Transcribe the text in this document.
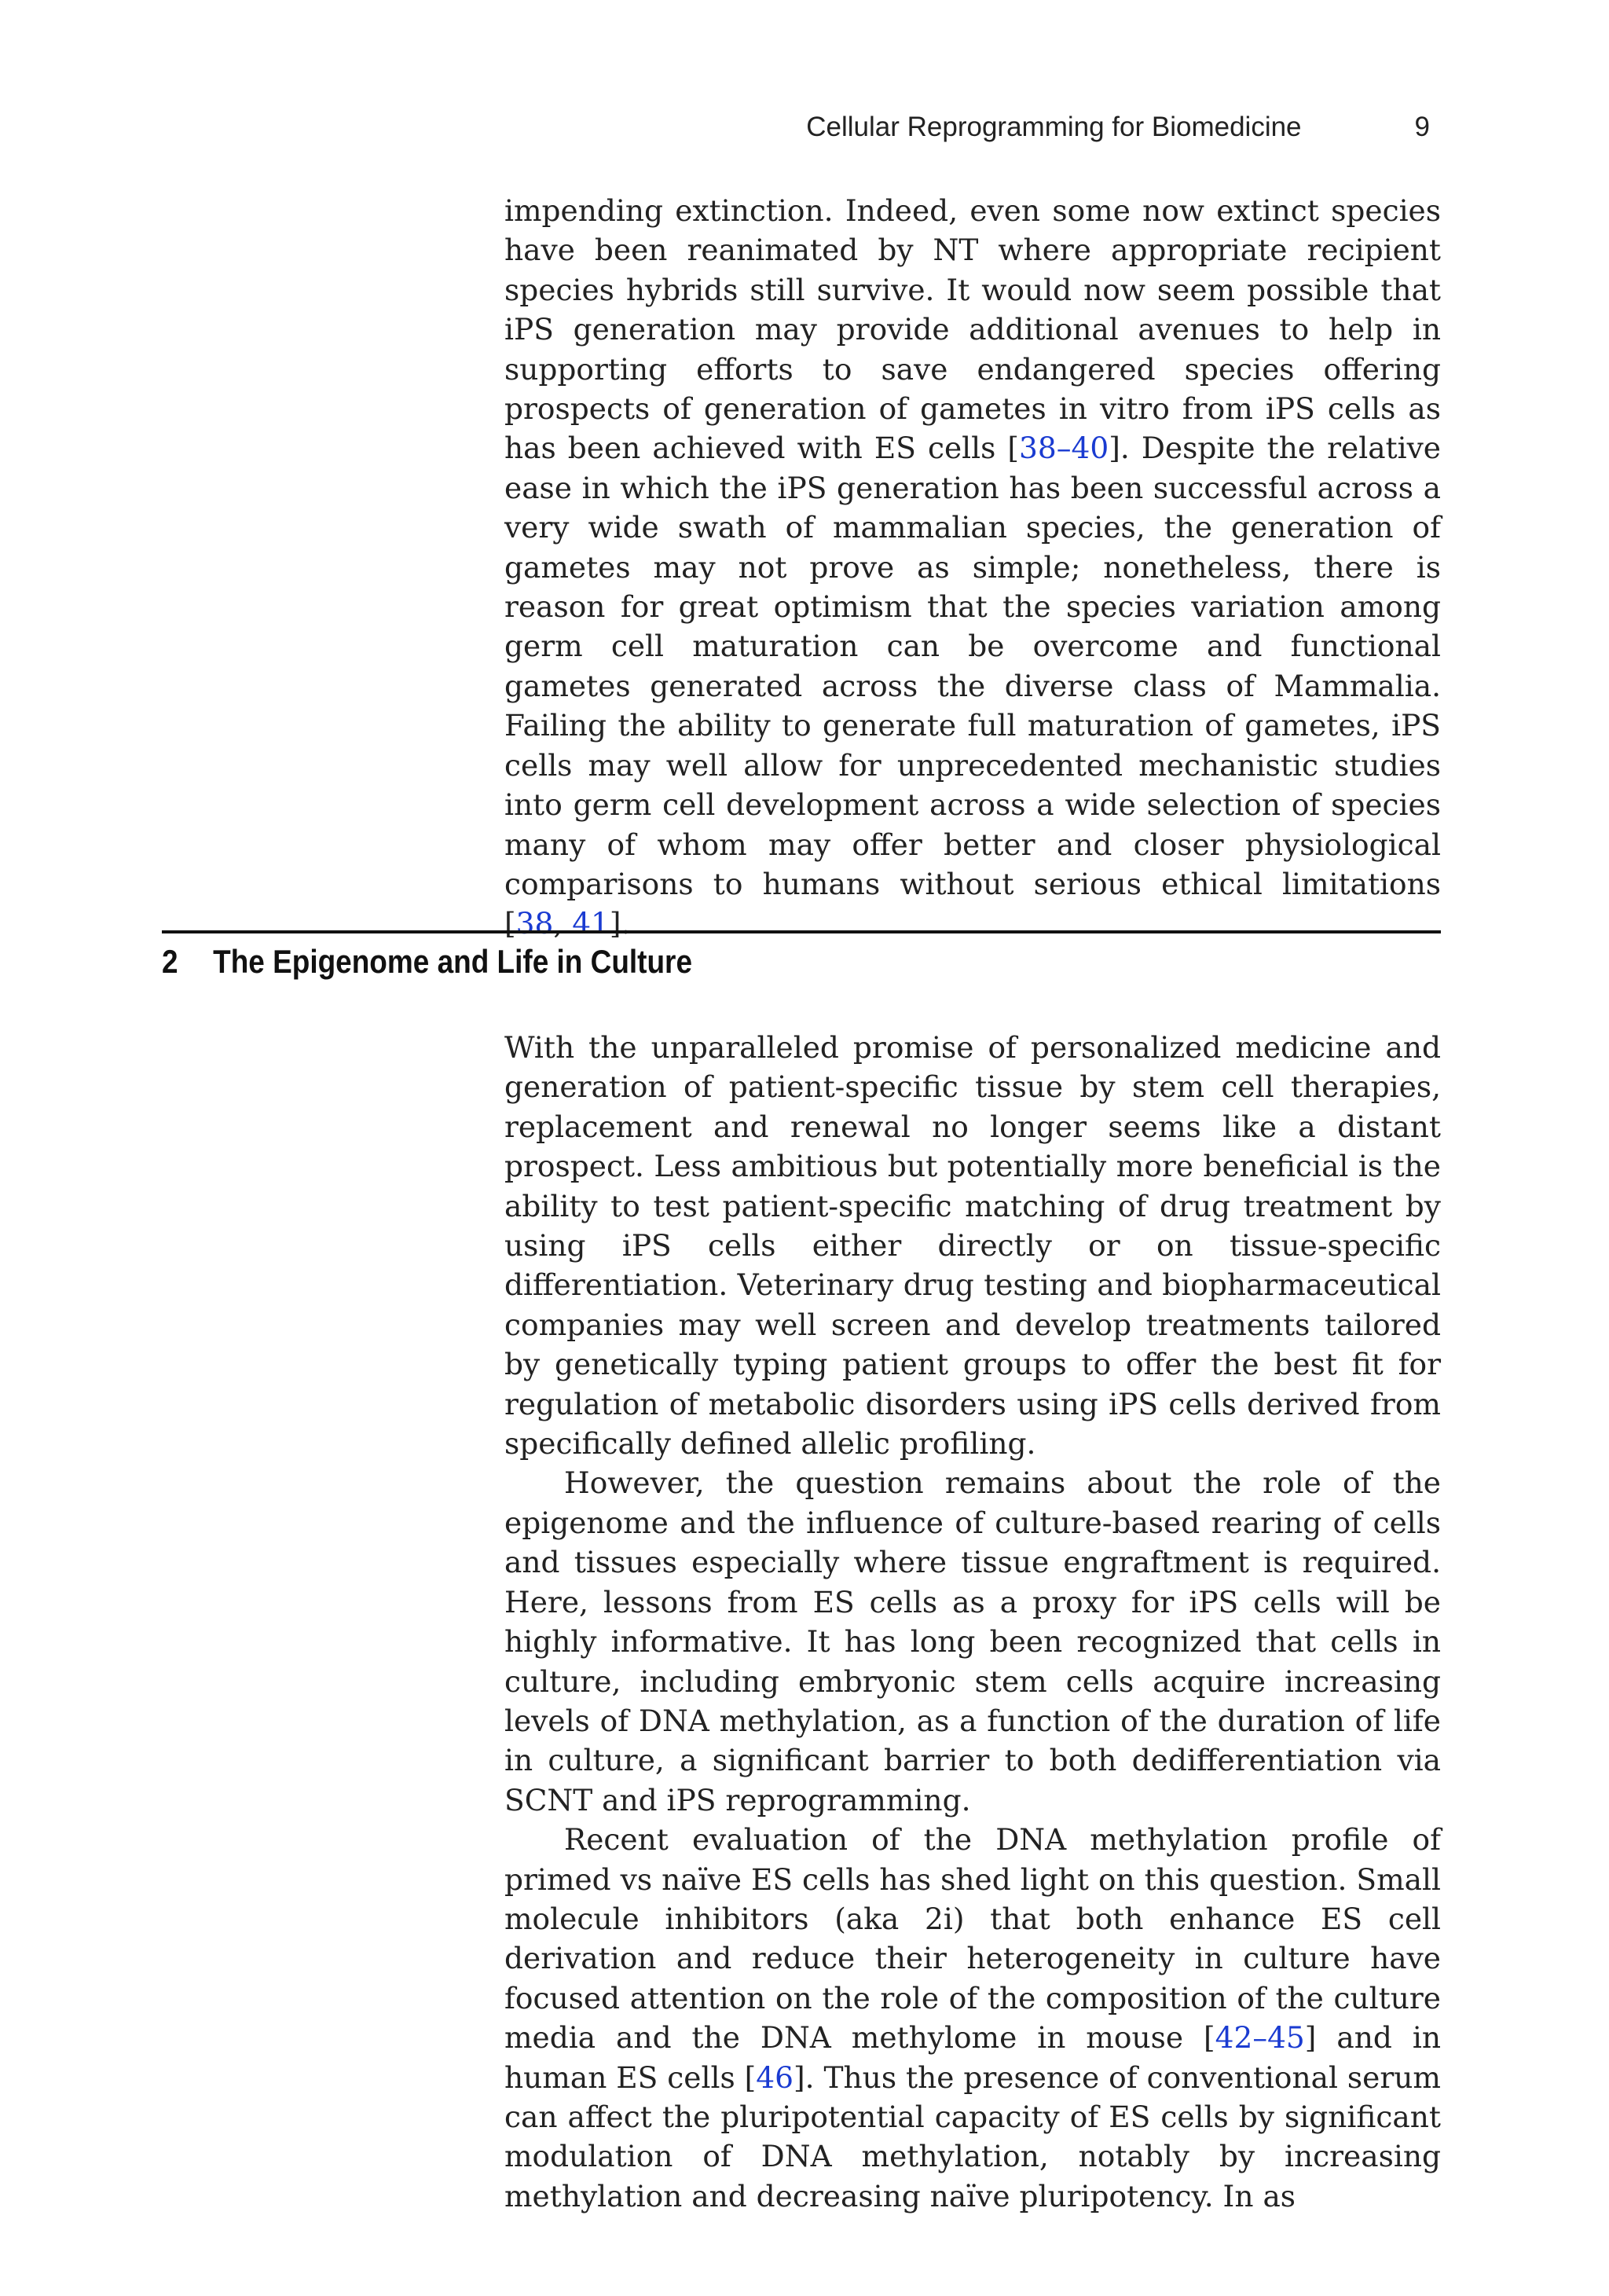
Cellular Reprogramming for Biomedicine	9

impending extinction. Indeed, even some now extinct species have been reanimated by NT where appropriate recipient species hybrids still survive. It would now seem possible that iPS generation may provide additional avenues to help in supporting efforts to save endangered species offering prospects of generation of gametes in vitro from iPS cells as has been achieved with ES cells [38–40]. Despite the relative ease in which the iPS generation has been successful across a very wide swath of mammalian species, the generation of gametes may not prove as simple; nonetheless, there is reason for great optimism that the species variation among germ cell maturation can be overcome and functional gametes generated across the diverse class of Mammalia. Failing the ability to generate full maturation of gametes, iPS cells may well allow for unprecedented mechanistic studies into germ cell development across a wide selection of species many of whom may offer better and closer physiological comparisons to humans without serious ethical limitations [38, 41].

2 The Epigenome and Life in Culture

With the unparalleled promise of personalized medicine and generation of patient-specific tissue by stem cell therapies, replacement and renewal no longer seems like a distant prospect. Less ambitious but potentially more beneficial is the ability to test patient-specific matching of drug treatment by using iPS cells either directly or on tissue-specific differentiation. Veterinary drug testing and biopharmaceutical companies may well screen and develop treatments tailored by genetically typing patient groups to offer the best fit for regulation of metabolic disorders using iPS cells derived from specifically defined allelic profiling.

However, the question remains about the role of the epigenome and the influence of culture-based rearing of cells and tissues especially where tissue engraftment is required. Here, lessons from ES cells as a proxy for iPS cells will be highly informative. It has long been recognized that cells in culture, including embryonic stem cells acquire increasing levels of DNA methylation, as a function of the duration of life in culture, a significant barrier to both dedifferentiation via SCNT and iPS reprogramming.

Recent evaluation of the DNA methylation profile of primed vs naïve ES cells has shed light on this question. Small molecule inhibitors (aka 2i) that both enhance ES cell derivation and reduce their heterogeneity in culture have focused attention on the role of the composition of the culture media and the DNA methylome in mouse [42–45] and in human ES cells [46]. Thus the presence of conventional serum can affect the pluripotential capacity of ES cells by significant modulation of DNA methylation, notably by increasing methylation and decreasing naïve pluripotency. In as
